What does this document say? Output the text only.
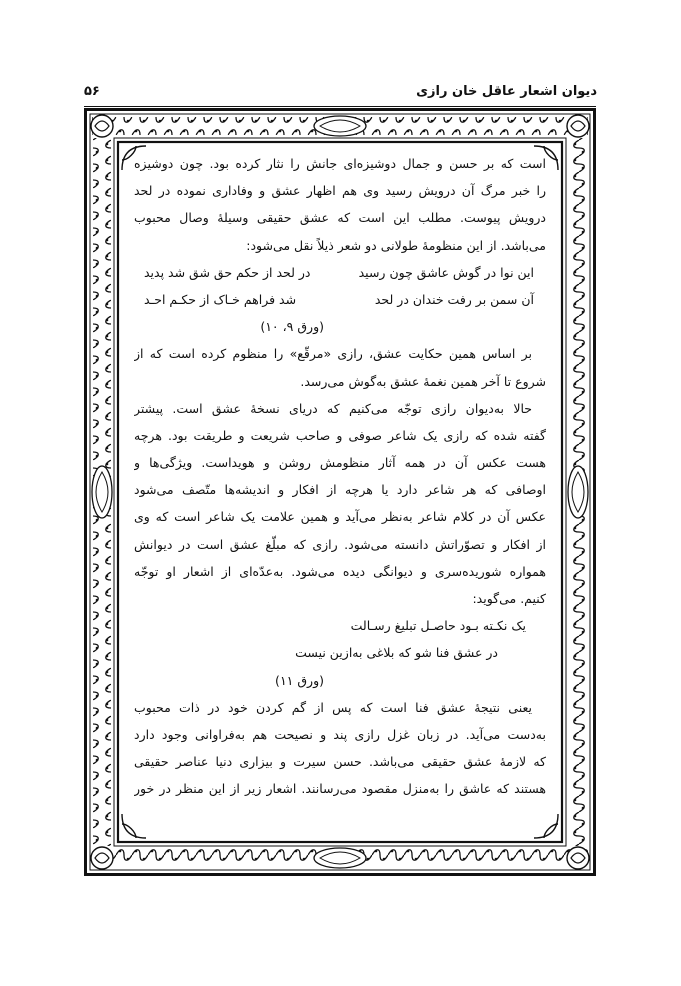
دیوان اشعار عاقل خان رازی
۵۶
است که بر حسن و جمال دوشیزه‌ای جانش را نثار کرده بود. چون دوشیزه
را خبر مرگ آن درویش رسید وی هم اظهار عشق و وفاداری نموده در لحد
درویش پیوست. مطلب این است که عشق حقیقی وسیلهٔ وصال محبوب
می‌باشد. از این منظومهٔ طولانی دو شعر ذیلاً نقل می‌شود:
این نوا در گوش عاشق چون رسید
در لحد از حکم حق شق شد پدید
آن سمن بر رفت خندان در لحد
شد فراهم خـاک از حکـم احـد
(ورق ۹، ۱۰)
بر اساس همین حکایت عشق، رازی «مرقّع» را منظوم کرده است که از
شروع تا آخر همین نغمهٔ عشق به‌گوش می‌رسد.
حالا به‌دیوان رازی توجّه می‌کنیم که دریای نسخهٔ عشق است. پیشتر
گفته شده که رازی یک شاعر صوفی و صاحب شریعت و طریقت بود. هرچه
هست عکس آن در همه آثار منظومش روشن و هویداست. ویژگی‌ها و
اوصافی که هر شاعر دارد یا هرچه از افکار و اندیشه‌ها متّصف می‌شود
عکس آن در کلام شاعر به‌نظر می‌آید و همین علامت یک شاعر است که وی
از افکار و تصوّراتش دانسته می‌شود. رازی که مبلّغ عشق است در دیوانش
همواره شوریده‌سری و دیوانگی دیده می‌شود. به‌عدّه‌ای از اشعار او توجّه
کنیم. می‌گوید:
یک نکـته بـود حاصـل تبلیغ رسـالت
در عشق فنا شو که بلاغی به‌ازین نیست
(ورق ۱۱)
یعنی نتیجهٔ عشق فنا است که پس از گم کردن خود در ذات محبوب
به‌دست می‌آید. در زبان غزل رازی پند و نصیحت هم به‌فراوانی وجود دارد
که لازمهٔ عشق حقیقی می‌باشد. حسن سیرت و بیزاری دنیا عناصر حقیقی
هستند که عاشق را به‌منزل مقصود می‌رسانند. اشعار زیر از این منظر در خور
